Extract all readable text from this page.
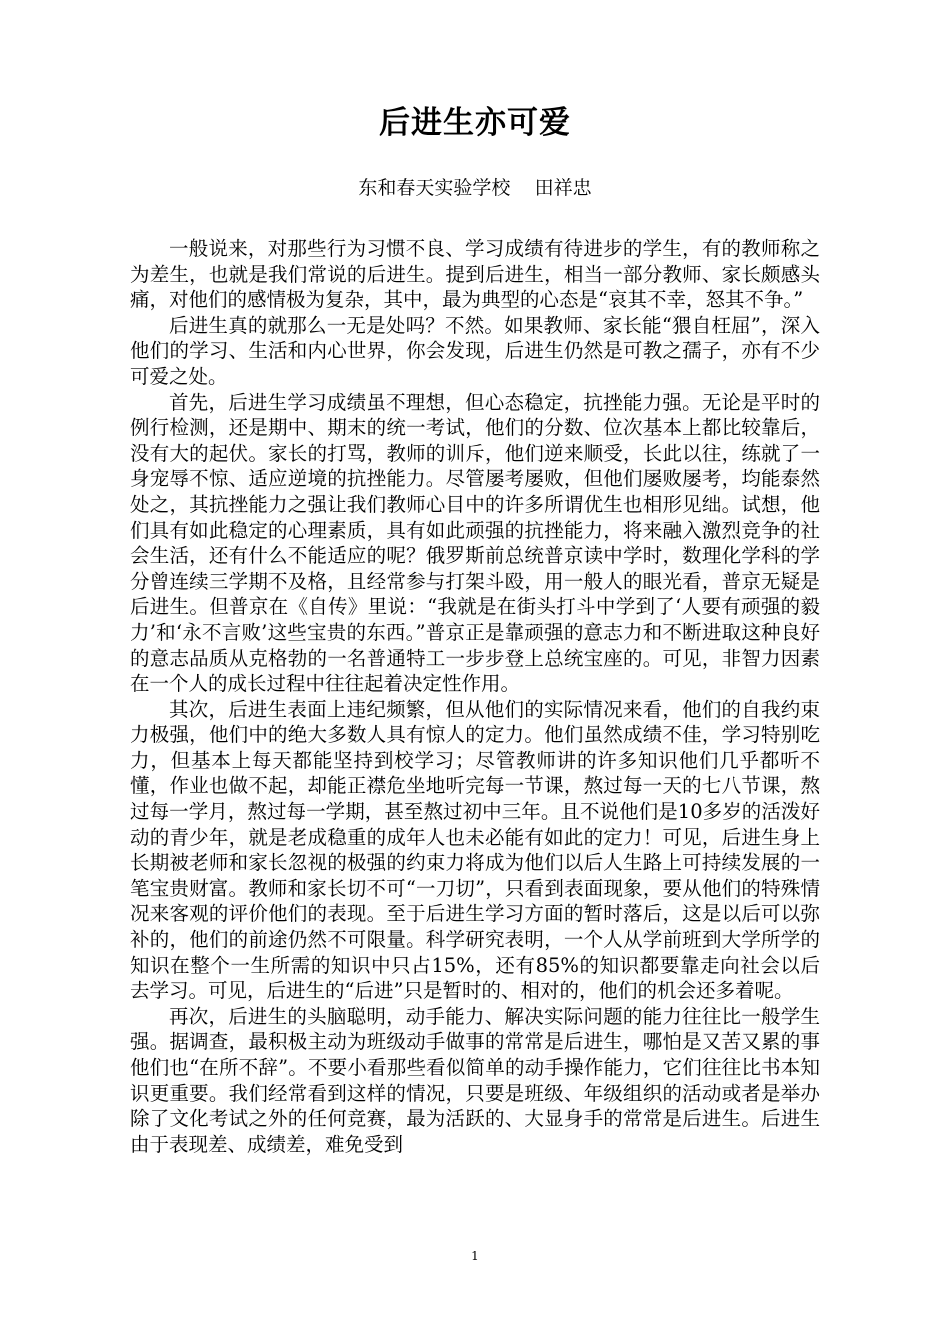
后进生亦可爱
东和春天实验学校    田祥忠

一般说来，对那些行为习惯不良、学习成绩有待进步的学生，有的教师称之为差生，也就是我们常说的后进生。提到后进生，相当一部分教师、家长颇感头痛，对他们的感情极为复杂，其中，最为典型的心态是“哀其不幸，怒其不争。”

后进生真的就那么一无是处吗？不然。如果教师、家长能“猥自枉屈”，深入他们的学习、生活和内心世界，你会发现，后进生仍然是可教之孺子，亦有不少可爱之处。

首先，后进生学习成绩虽不理想，但心态稳定，抗挫能力强。无论是平时的例行检测，还是期中、期末的统一考试，他们的分数、位次基本上都比较靠后，没有大的起伏。家长的打骂，教师的训斥，他们逆来顺受，长此以往，练就了一身宠辱不惊、适应逆境的抗挫能力。尽管屡考屡败，但他们屡败屡考，均能泰然处之，其抗挫能力之强让我们教师心目中的许多所谓优生也相形见绌。试想，他们具有如此稳定的心理素质，具有如此顽强的抗挫能力，将来融入激烈竞争的社会生活，还有什么不能适应的呢？俄罗斯前总统普京读中学时，数理化学科的学分曾连续三学期不及格，且经常参与打架斗殴，用一般人的眼光看，普京无疑是后进生。但普京在《自传》里说：“我就是在街头打斗中学到了‘人要有顽强的毅力’和‘永不言败’这些宝贵的东西。”普京正是靠顽强的意志力和不断进取这种良好的意志品质从克格勃的一名普通特工一步步登上总统宝座的。可见，非智力因素在一个人的成长过程中往往起着决定性作用。

其次，后进生表面上违纪频繁，但从他们的实际情况来看，他们的自我约束力极强，他们中的绝大多数人具有惊人的定力。他们虽然成绩不佳，学习特别吃力，但基本上每天都能坚持到校学习；尽管教师讲的许多知识他们几乎都听不懂，作业也做不起，却能正襟危坐地听完每一节课，熬过每一天的七八节课，熬过每一学月，熬过每一学期，甚至熬过初中三年。且不说他们是10多岁的活泼好动的青少年，就是老成稳重的成年人也未必能有如此的定力！可见，后进生身上长期被老师和家长忽视的极强的约束力将成为他们以后人生路上可持续发展的一笔宝贵财富。教师和家长切不可“一刀切”，只看到表面现象，要从他们的特殊情况来客观的评价他们的表现。至于后进生学习方面的暂时落后，这是以后可以弥补的，他们的前途仍然不可限量。科学研究表明，一个人从学前班到大学所学的知识在整个一生所需的知识中只占15%，还有85%的知识都要靠走向社会以后去学习。可见，后进生的“后进”只是暂时的、相对的，他们的机会还多着呢。

再次，后进生的头脑聪明，动手能力、解决实际问题的能力往往比一般学生强。据调查，最积极主动为班级动手做事的常常是后进生，哪怕是又苦又累的事他们也“在所不辞”。不要小看那些看似简单的动手操作能力，它们往往比书本知识更重要。我们经常看到这样的情况，只要是班级、年级组织的活动或者是举办除了文化考试之外的任何竞赛，最为活跃的、大显身手的常常是后进生。后进生由于表现差、成绩差，难免受到

1
